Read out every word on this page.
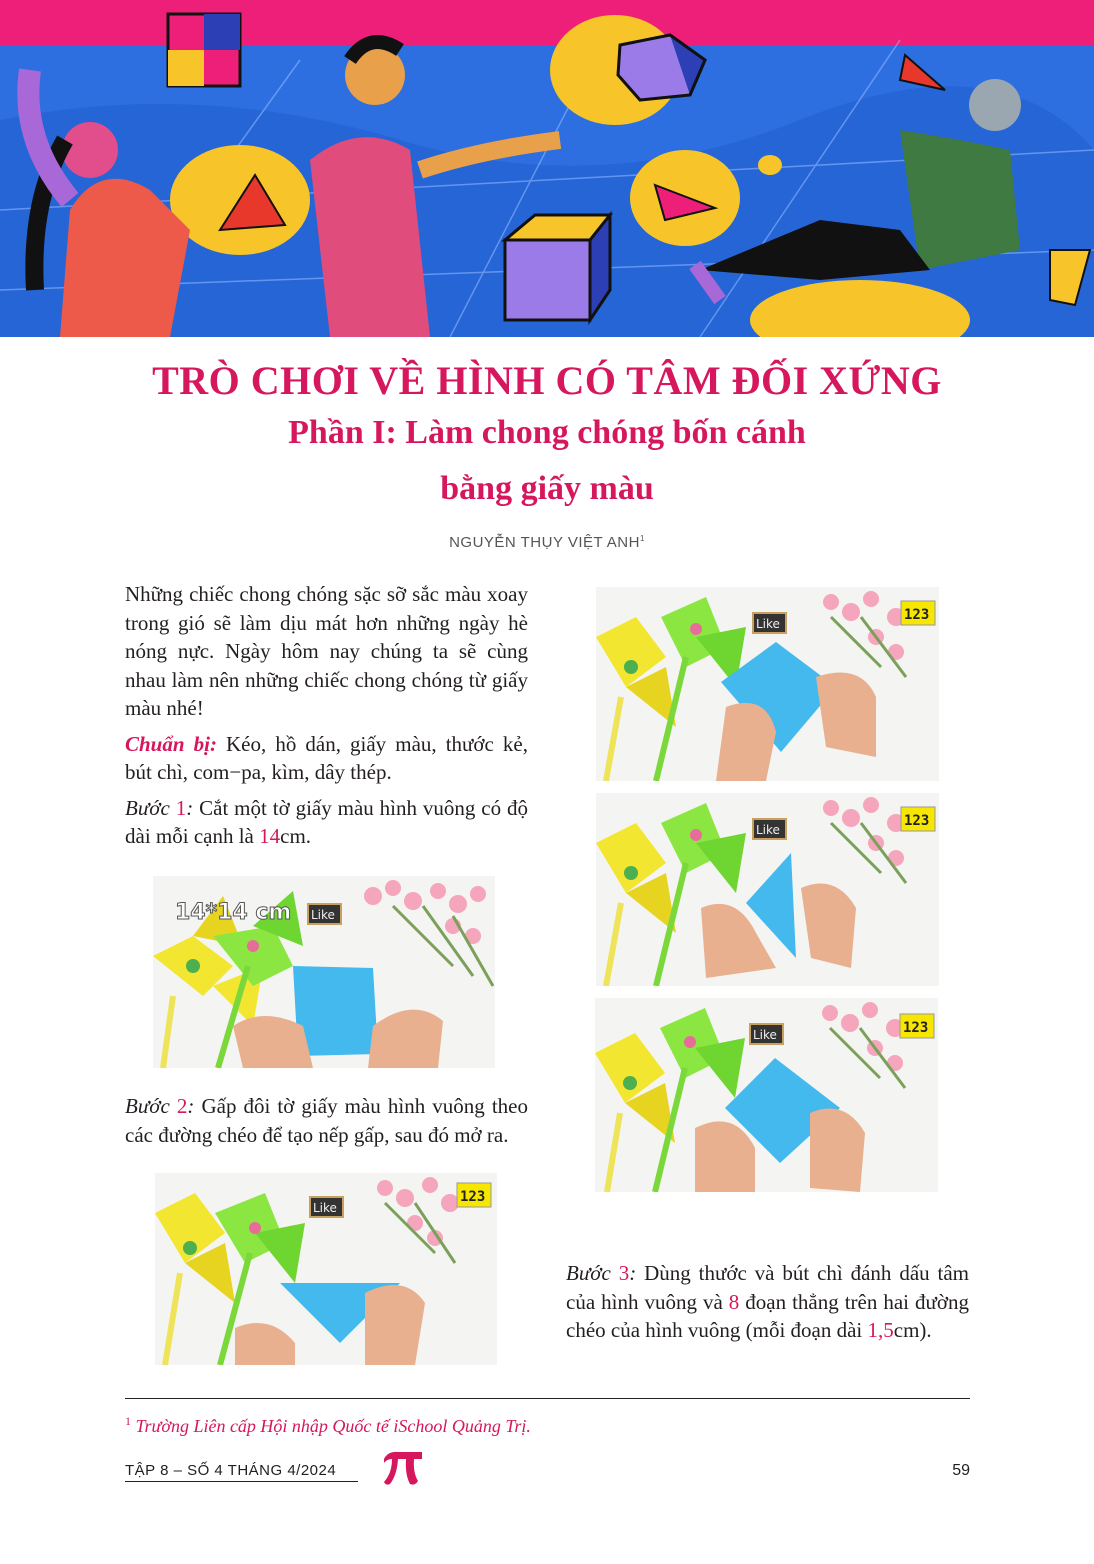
TRÒ CHƠI VỀ HÌNH CÓ TÂM ĐỐI XỨNG
Phần I: Làm chong chóng bốn cánh
bằng giấy màu
NGUYỄN THỤY VIỆT ANH$^1$

Những chiếc chong chóng sặc sỡ sắc màu xoay trong gió sẽ làm dịu mát hơn những ngày hè nóng nực. Ngày hôm nay chúng ta sẽ cùng nhau làm nên những chiếc chong chóng từ giấy màu nhé!

Chuẩn bị: Kéo, hồ dán, giấy màu, thước kẻ, bút chì, com−pa, kìm, dây thép.

Bước 1: Cắt một tờ giấy màu hình vuông có độ dài mỗi cạnh là 14cm.

Like
14*14 cm

Bước 2: Gấp đôi tờ giấy màu hình vuông theo các đường chéo để tạo nếp gấp, sau đó mở ra.

Like
123
Like
123
Like
123
Like	123

Bước 3: Dùng thước và bút chì đánh dấu tâm của hình vuông và 8 đoạn thẳng trên hai đường chéo của hình vuông (mỗi đoạn dài 1,5cm).

$^1$ Trường Liên cấp Hội nhập Quốc tế iSchool Quảng Trị.
TẬP 8 – SỐ 4 THÁNG 4/2024	59
